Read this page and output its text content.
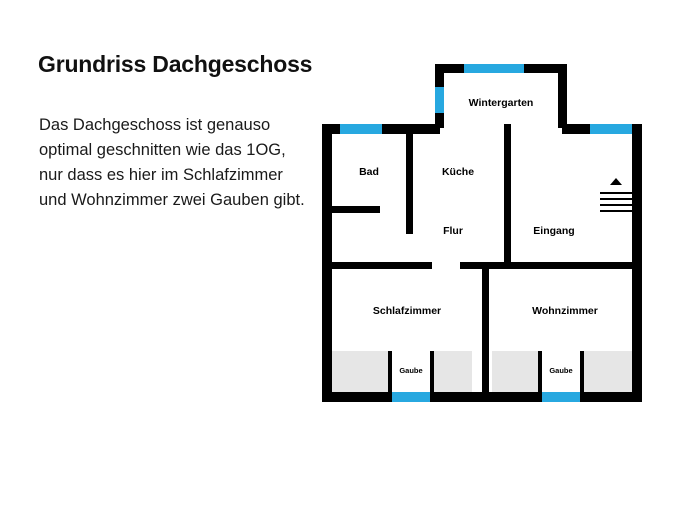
Grundriss Dachgeschoss

Das Dachgeschoss ist genauso optimal geschnitten wie das 1OG, nur dass es hier im Schlafzimmer und Wohnzimmer zwei Gauben gibt.

Wintergarten
Gaube	Gaube
Bad	Küche
Flur	Eingang
Schlafzimmer	Wohnzimmer
